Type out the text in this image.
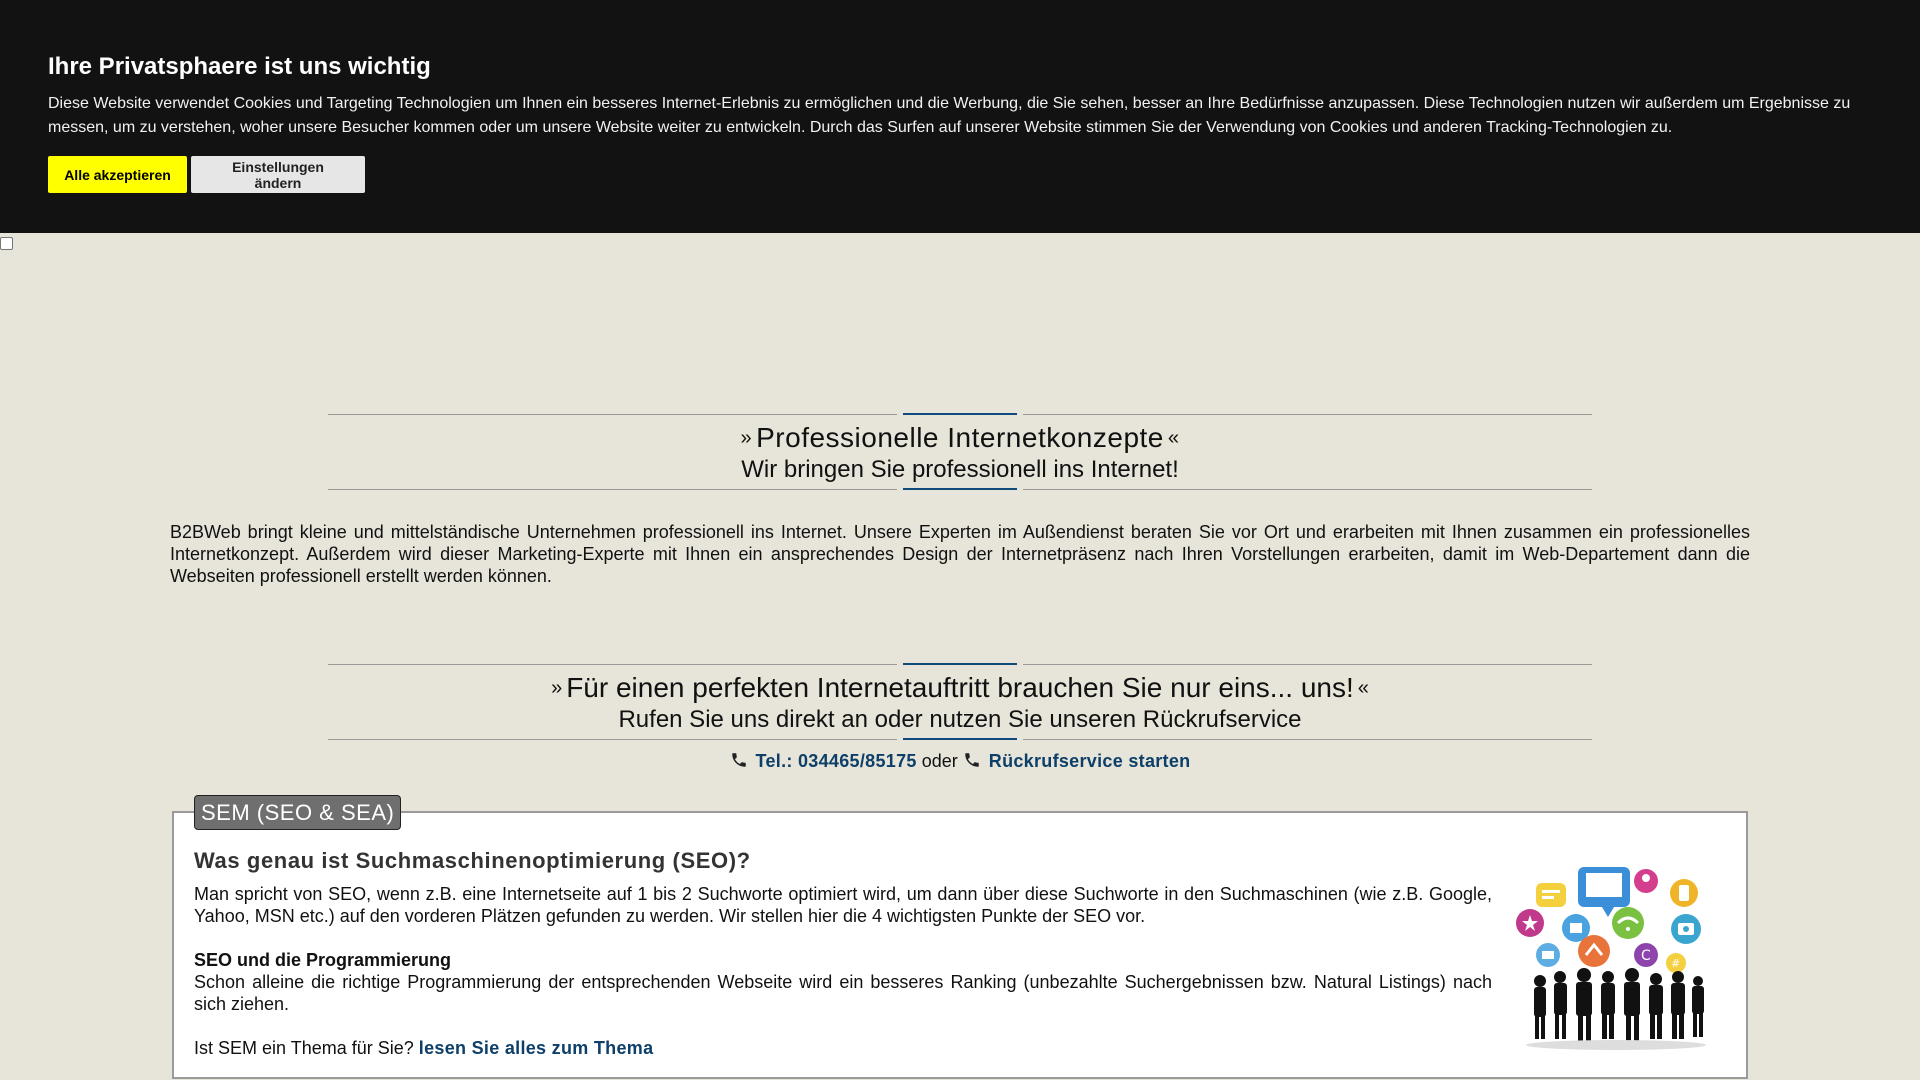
Ihre Privatsphaere ist uns wichtig

Diese Website verwendet Cookies und Targeting Technologien um Ihnen ein besseres Internet-Erlebnis zu ermöglichen und die Werbung, die Sie sehen, besser an Ihre Bedürfnisse anzupassen. Diese Technologien nutzen wir außerdem um Ergebnisse zu messen, um zu verstehen, woher unsere Besucher kommen oder um unsere Website weiter zu entwickeln. Durch das Surfen auf unserer Website stimmen Sie der Verwendung von Cookies und anderen Tracking-Technologien zu.

Alle akzeptieren	Einstellungen ändern
» Professionelle Internetkonzepte «
Wir bringen Sie professionell ins Internet!
B2BWeb bringt kleine und mittelständische Unternehmen professionell ins Internet. Unsere Experten im Außendienst beraten Sie vor Ort und erarbeiten mit Ihnen zusammen ein professionelles Internetkonzept. Außerdem wird dieser Marketing-Experte mit Ihnen ein ansprechendes Design der Internetpräsenz nach Ihren Vorstellungen erarbeiten, damit im Web-Departement dann die Webseiten professionell erstellt werden können.
» Für einen perfekten Internetauftritt brauchen Sie nur eins... uns! «
Rufen Sie uns direkt an oder nutzen Sie unseren Rückrufservice
Tel.: 034465/85175 oder Rückrufservice starten
SEM (SEO & SEA)
Was genau ist Suchmaschinenoptimierung (SEO)?

Man spricht von SEO, wenn z.B. eine Internetseite auf 1 bis 2 Suchworte optimiert wird, um dann über diese Suchworte in den Suchmaschinen (wie z.B. Google, Yahoo, MSN etc.) auf den vorderen Plätzen gefunden zu werden. Wir stellen hier die 4 wichtigsten Punkte der SEO vor.

SEO und die Programmierung

Schon alleine die richtige Programmierung der entsprechenden Webseite wird ein besseres Ranking (unbezahlte Suchergebnissen bzw. Natural Listings) nach sich ziehen.

Ist SEM ein Thema für Sie? lesen Sie alles zum Thema
C #
